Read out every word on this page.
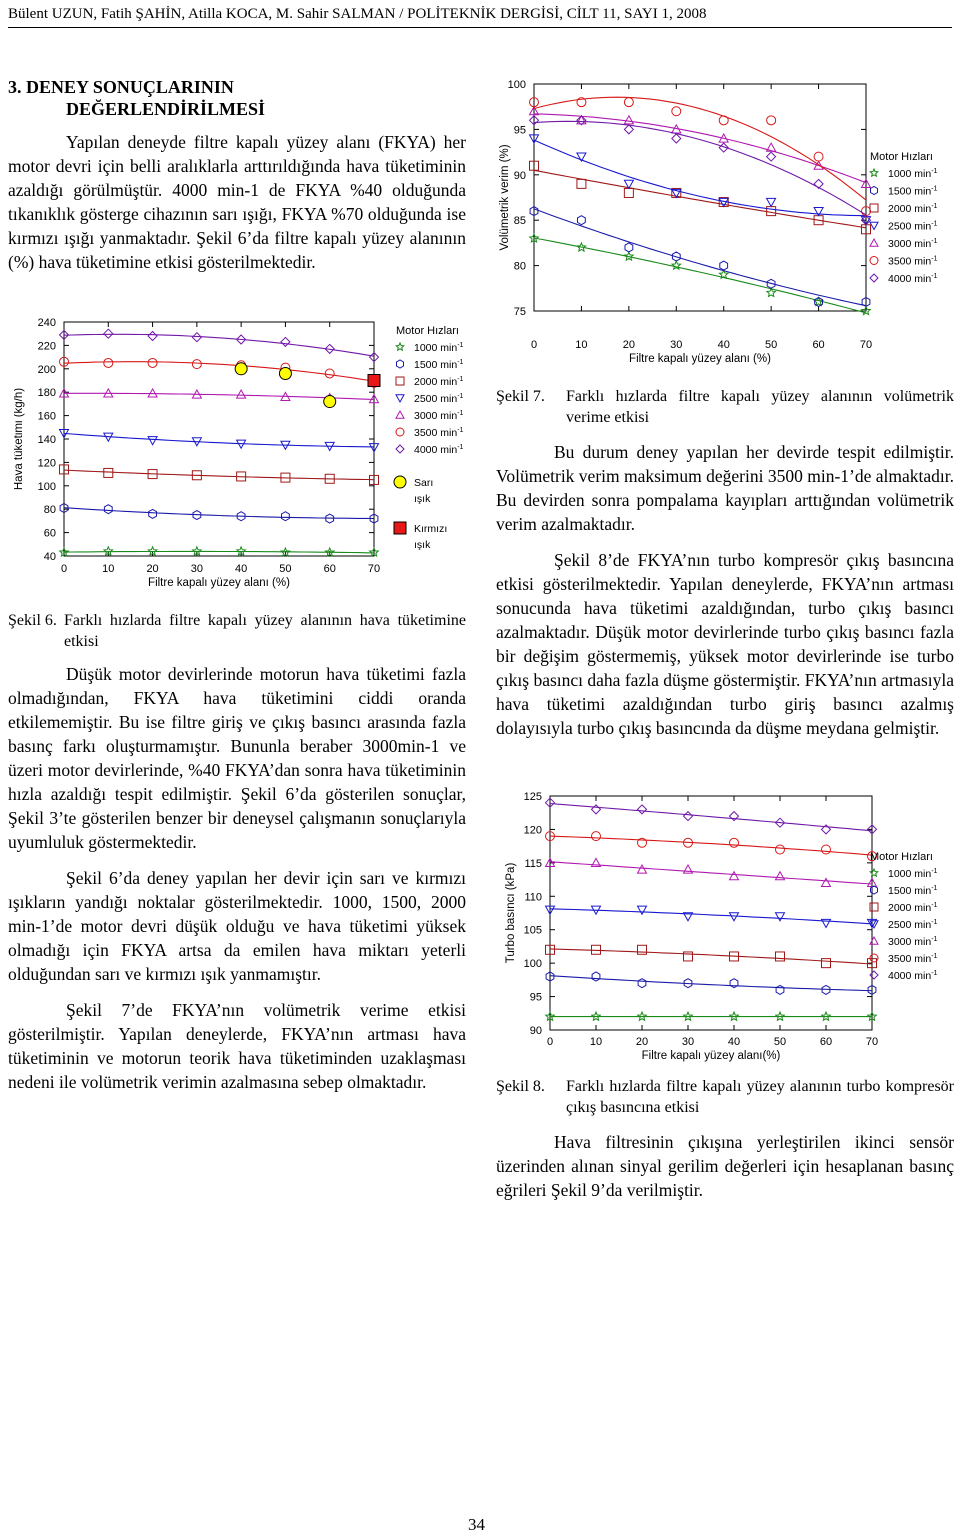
Bülent UZUN, Fatih ŞAHİN, Atilla KOCA, M. Sahir SALMAN / POLİTEKNİK DERGİSİ, CİLT 11, SAYI 1, 2008
3. DENEY SONUÇLARININ
DEĞERLENDİRİLMESİ

Yapılan deneyde filtre kapalı yüzey alanı (FKYA) her motor devri için belli aralıklarla arttırıldığında hava tüketiminin azaldığı görülmüştür. 4000 min-1 de FKYA %40 olduğunda tıkanıklık gösterge cihazının sarı ışığı, FKYA %70 olduğunda ise kırmızı ışığı yanmaktadır. Şekil 6’da filtre kapalı yüzey alanının (%) hava tüketimine etkisi gösterilmektedir.

40
60
80
100
120
140
160
180
200
220
240
0	10	20	30	40	50	60	70
Filtre kapalı yüzey alanı (%)
Hava tüketimi (kg/h)
Motor Hızları
1000 $\min^{-1}$
1500 $\min^{-1}$
2000 $\min^{-1}$
2500 $\min^{-1}$
3000 $\min^{-1}$
3500 $\min^{-1}$
4000 $\min^{-1}$
Sarı
ışık
Kırmızı
ışık
Şekil 6. Farklı hızlarda filtre kapalı yüzey alanının hava tüketimine etkisi

Düşük motor devirlerinde motorun hava tüketimi fazla olmadığından, FKYA hava tüketimini ciddi oranda etkilememiştir. Bu ise filtre giriş ve çıkış basıncı arasında fazla basınç farkı oluşturmamıştır. Bununla beraber 3000min-1 ve üzeri motor devirlerinde, %40 FKYA’dan sonra hava tüketiminin hızla azaldığı tespit edilmiştir. Şekil 6’da gösterilen sonuçlar, Şekil 3’te gösterilen benzer bir deneysel çalışmanın sonuçlarıyla uyumluluk göstermektedir.

Şekil 6’da deney yapılan her devir için sarı ve kırmızı ışıkların yandığı noktalar gösterilmektedir. 1000, 1500, 2000 min-1’de motor devri düşük olduğu ve hava tüketimi yüksek olmadığı için FKYA artsa da emilen hava miktarı yeterli olduğundan sarı ve kırmızı ışık yanmamıştır.

Şekil 7’de FKYA’nın volümetrik verime etkisi gösterilmiştir. Yapılan deneylerde, FKYA’nın artması hava tüketiminin ve motorun teorik hava tüketiminden uzaklaşması nedeni ile volümetrik verimin azalmasına sebep olmaktadır.

75
80
85
90
95
100
0	10	20	30	40	50	60	70
Filtre kapalı yüzey alanı (%)
Volümetrik verim (%)	Motor Hızları
1000 $\min^{-1}$
1500 $\min^{-1}$
2000 $\min^{-1}$
2500 $\min^{-1}$
3000 $\min^{-1}$
3500 $\min^{-1}$
4000 $\min^{-1}$
Şekil 7. Farklı hızlarda filtre kapalı yüzey alanının volümetrik verime etkisi

Bu durum deney yapılan her devirde tespit edilmiştir. Volümetrik verim maksimum değerini 3500 min-1’de almaktadır. Bu devirden sonra pompalama kayıpları arttığından volümetrik verim azalmaktadır.

Şekil 8’de FKYA’nın turbo kompresör çıkış basıncına etkisi gösterilmektedir. Yapılan deneylerde, FKYA’nın artması sonucunda hava tüketimi azaldığından, turbo çıkış basıncı azalmaktadır. Düşük motor devirlerinde turbo çıkış basıncı fazla bir değişim göstermemiş, yüksek motor devirlerinde ise turbo çıkış basıncı daha fazla düşme göstermiştir. FKYA’nın artmasıyla hava tüketimi azaldığından turbo giriş basıncı azalmış dolayısıyla turbo çıkış basıncında da düşme meydana gelmiştir.

90
95
100
105
110
115
120
125
0	10	20	30	40	50	60	70
Filtre kapalı yüzey alanı(%)
Turbo basıncı (kPa)
Motor Hızları
1000 $\min^{-1}$
1500 $\min^{-1}$
2000 $\min^{-1}$
2500 $\min^{-1}$
3000 $\min^{-1}$
3500 $\min^{-1}$
4000 $\min^{-1}$
Şekil 8. Farklı hızlarda filtre kapalı yüzey alanının turbo kompresör çıkış basıncına etkisi

Hava filtresinin çıkışına yerleştirilen ikinci sensör üzerinden alınan sinyal gerilim değerleri için hesaplanan basınç eğrileri Şekil 9’da verilmiştir.

34
